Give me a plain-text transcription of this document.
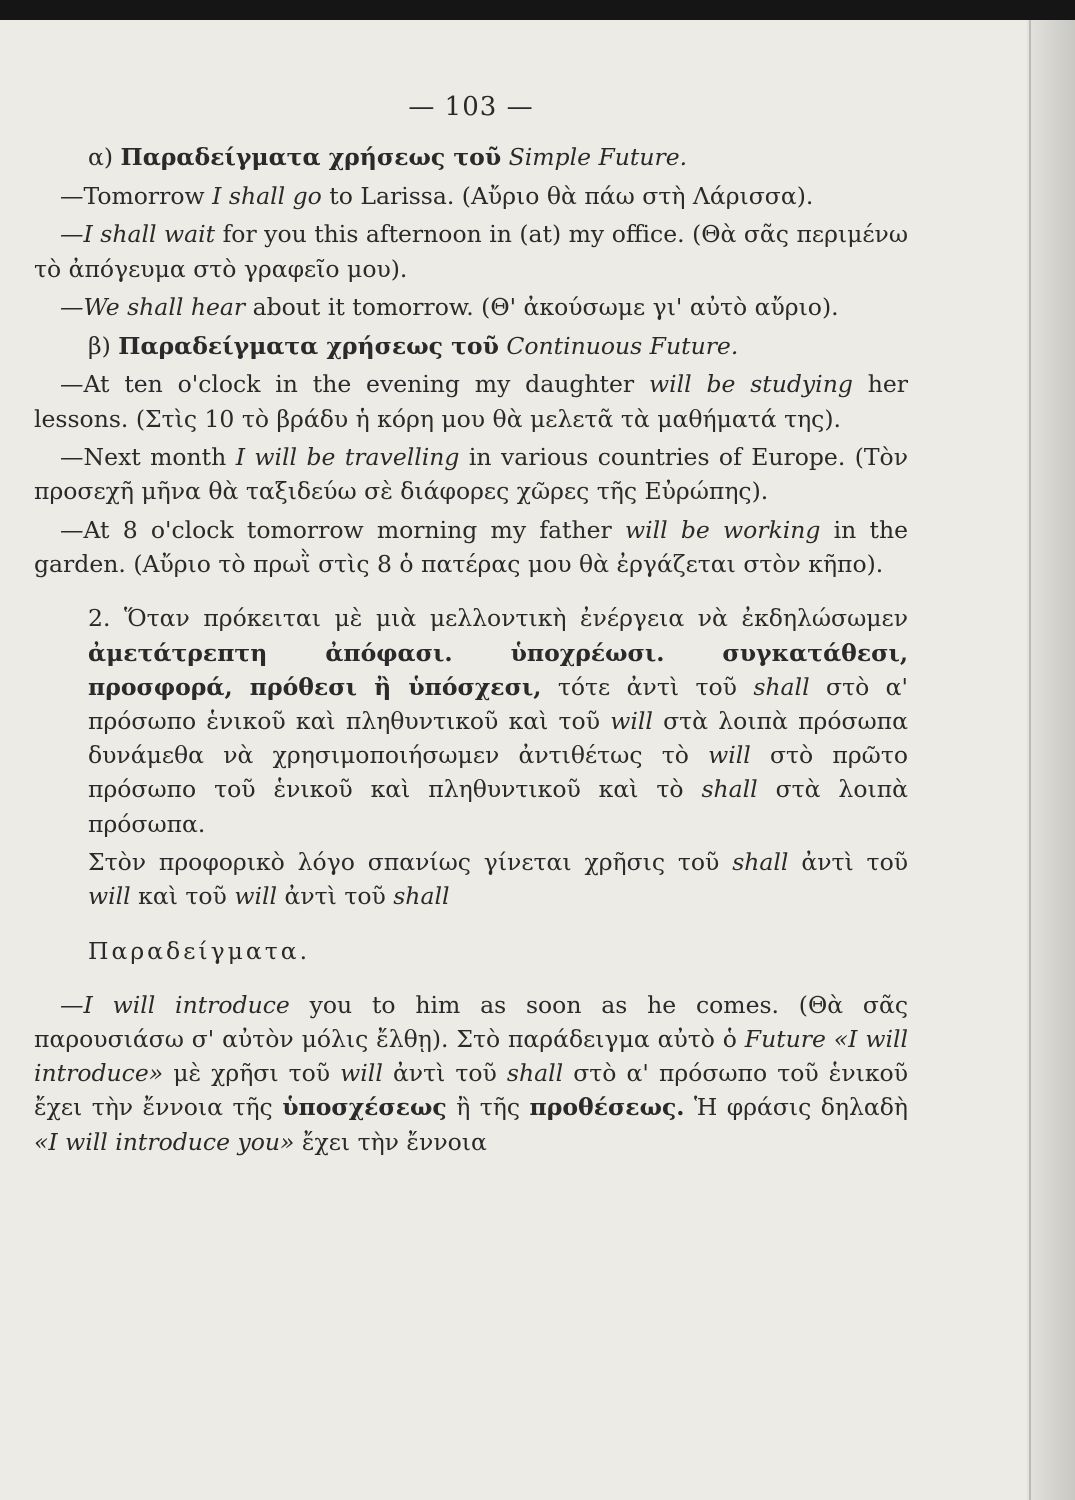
— 103 —

α) Παραδείγματα χρήσεως τοῦ Simple Future.

—Tomorrow I shall go to Larissa. (Αὔριο θὰ πάω στὴ Λάρισσα).

—I shall wait for you this afternoon in (at) my office. (Θὰ σᾶς περιμένω τὸ ἀπόγευμα στὸ γραφεῖο μου).

—We shall hear about it tomorrow. (Θ' ἀκούσωμε γι' αὐτὸ αὔριο).

β) Παραδείγματα χρήσεως τοῦ Continuous Future.

—At ten o'clock in the evening my daughter will be studying her lessons. (Στὶς 10 τὸ βράδυ ἡ κόρη μου θὰ μελετᾶ τὰ μαθήματά της).

—Next month I will be travelling in various countries of Europe. (Τὸν προσεχῆ μῆνα θὰ ταξιδεύω σὲ διάφορες χῶρες τῆς Εὐρώπης).

—At 8 o'clock tomorrow morning my father will be working in the garden. (Αὔριο τὸ πρωῒ στὶς 8 ὁ πατέρας μου θὰ ἐργάζεται στὸν κῆπο).

2. Ὅταν πρόκειται μὲ μιὰ μελλοντικὴ ἐνέργεια νὰ ἐκδηλώσωμεν ἀμετάτρεπτη ἀπόφασι. ὑποχρέωσι. συγκατάθεσι, προσφορά, πρόθεσι ἢ ὑπόσχεσι, τότε ἀντὶ τοῦ shall στὸ α' πρόσωπο ἑνικοῦ καὶ πληθυντικοῦ καὶ τοῦ will στὰ λοιπὰ πρόσωπα δυνάμεθα νὰ χρησιμοποιήσωμεν ἀντιθέτως τὸ will στὸ πρῶτο πρόσωπο τοῦ ἑνικοῦ καὶ πληθυντικοῦ καὶ τὸ shall στὰ λοιπὰ πρόσωπα.

Στὸν προφορικὸ λόγο σπανίως γίνεται χρῆσις τοῦ shall ἀντὶ τοῦ will καὶ τοῦ will ἀντὶ τοῦ shall

Παραδείγματα.

—I will introduce you to him as soon as he comes. (Θὰ σᾶς παρουσιάσω σ' αὐτὸν μόλις ἔλθῃ). Στὸ παράδειγμα αὐτὸ ὁ Future «I will introduce» μὲ χρῆσι τοῦ will ἀντὶ τοῦ shall στὸ α' πρόσωπο τοῦ ἑνικοῦ ἔχει τὴν ἔννοια τῆς ὑποσχέσεως ἢ τῆς προθέσεως. Ἡ φράσις δηλαδὴ «I will introduce you» ἔχει τὴν ἔννοια
